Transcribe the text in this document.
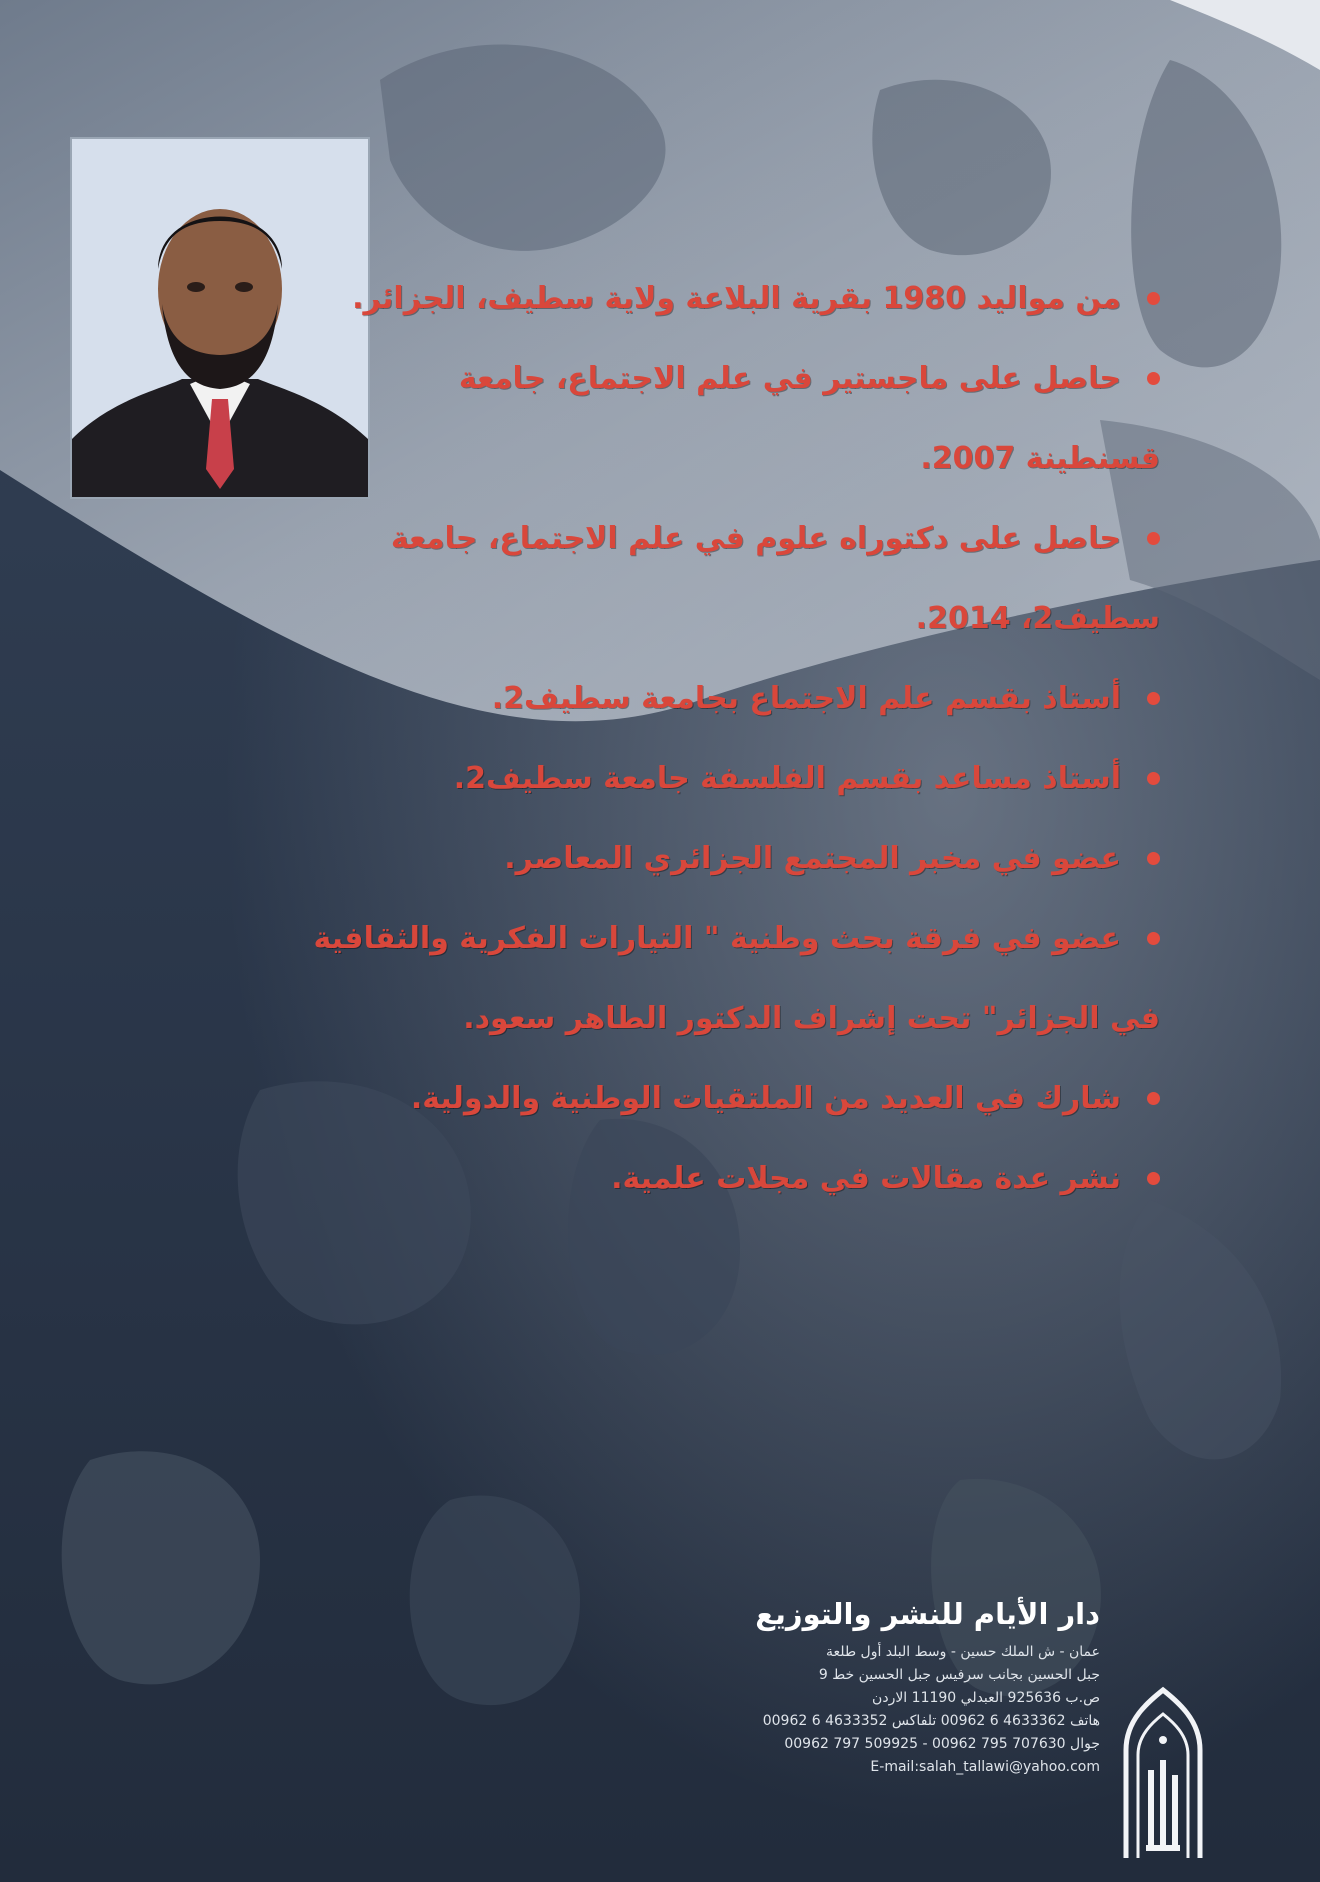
من مواليد 1980 بقرية البلاعة ولاية سطيف، الجزائر.
حاصل على ماجستير في علم الاجتماع، جامعة
قسنطينة 2007.
حاصل على دكتوراه علوم في علم الاجتماع، جامعة
سطيف2، 2014.
أستاذ بقسم علم الاجتماع بجامعة سطيف2.
أستاذ مساعد بقسم الفلسفة جامعة سطيف2.
عضو في مخبر المجتمع الجزائري المعاصر.
عضو في فرقة بحث وطنية " التيارات الفكرية والثقافية
في الجزائر" تحت إشراف الدكتور الطاهر سعود.
شارك في العديد من الملتقيات الوطنية والدولية.
نشر عدة مقالات في مجلات علمية.
دار الأيام للنشر والتوزيع

عمان - ش الملك حسين - وسط البلد أول طلعة

جبل الحسين بجانب سرفيس جبل الحسين خط 9

ص.ب 925636 العبدلي 11190 الاردن

هاتف 4633362 6 00962 تلفاكس 4633352 6 00962

جوال 707630 795 00962 - 509925 797 00962

E-mail:salah_tallawi@yahoo.com
